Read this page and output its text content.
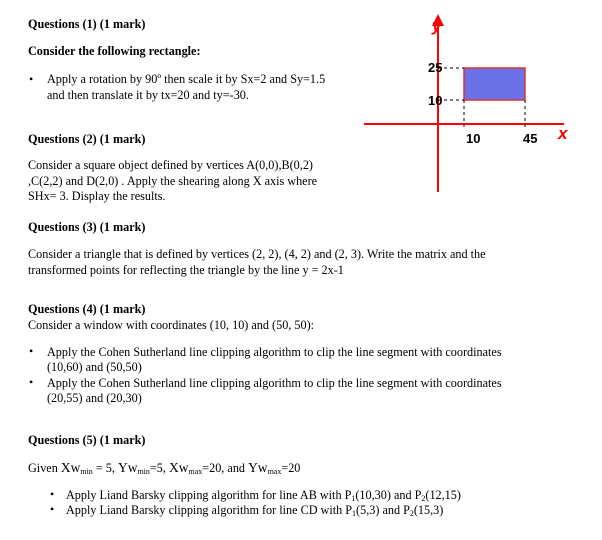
Questions (1) (1 mark)
Consider the following rectangle:
• Apply a rotation by 90º then scale it by Sx=2 and Sy=1.5
and then translate it by tx=20 and ty=-30.
y
x
25
10
10	45
Questions (2) (1 mark)
Consider a square object defined by vertices A(0,0),B(0,2)
,C(2,2) and D(2,0) . Apply the shearing along X axis where
SHx= 3. Display the results.
Questions (3) (1 mark)
Consider a triangle that is defined by vertices (2, 2), (4, 2) and (2, 3). Write the matrix and the
transformed points for reflecting the triangle by the line y = 2x-1
Questions (4) (1 mark)
Consider a window with coordinates (10, 10) and (50, 50):
• Apply the Cohen Sutherland line clipping algorithm to clip the line segment with coordinates
(10,60) and (50,50)
• Apply the Cohen Sutherland line clipping algorithm to clip the line segment with coordinates
(20,55) and (20,30)
Questions (5) (1 mark)
Given $Xw_{min} = 5$, $Yw_{min}=5$, $Xw_{max}=20$, and $Yw_{max}=20$
• Apply Liand Barsky clipping algorithm for line AB with $P_1(10,30)$ and $P_2(12,15)$
• Apply Liand Barsky clipping algorithm for line CD with $P_1(5,3)$ and $P_2(15,3)$
